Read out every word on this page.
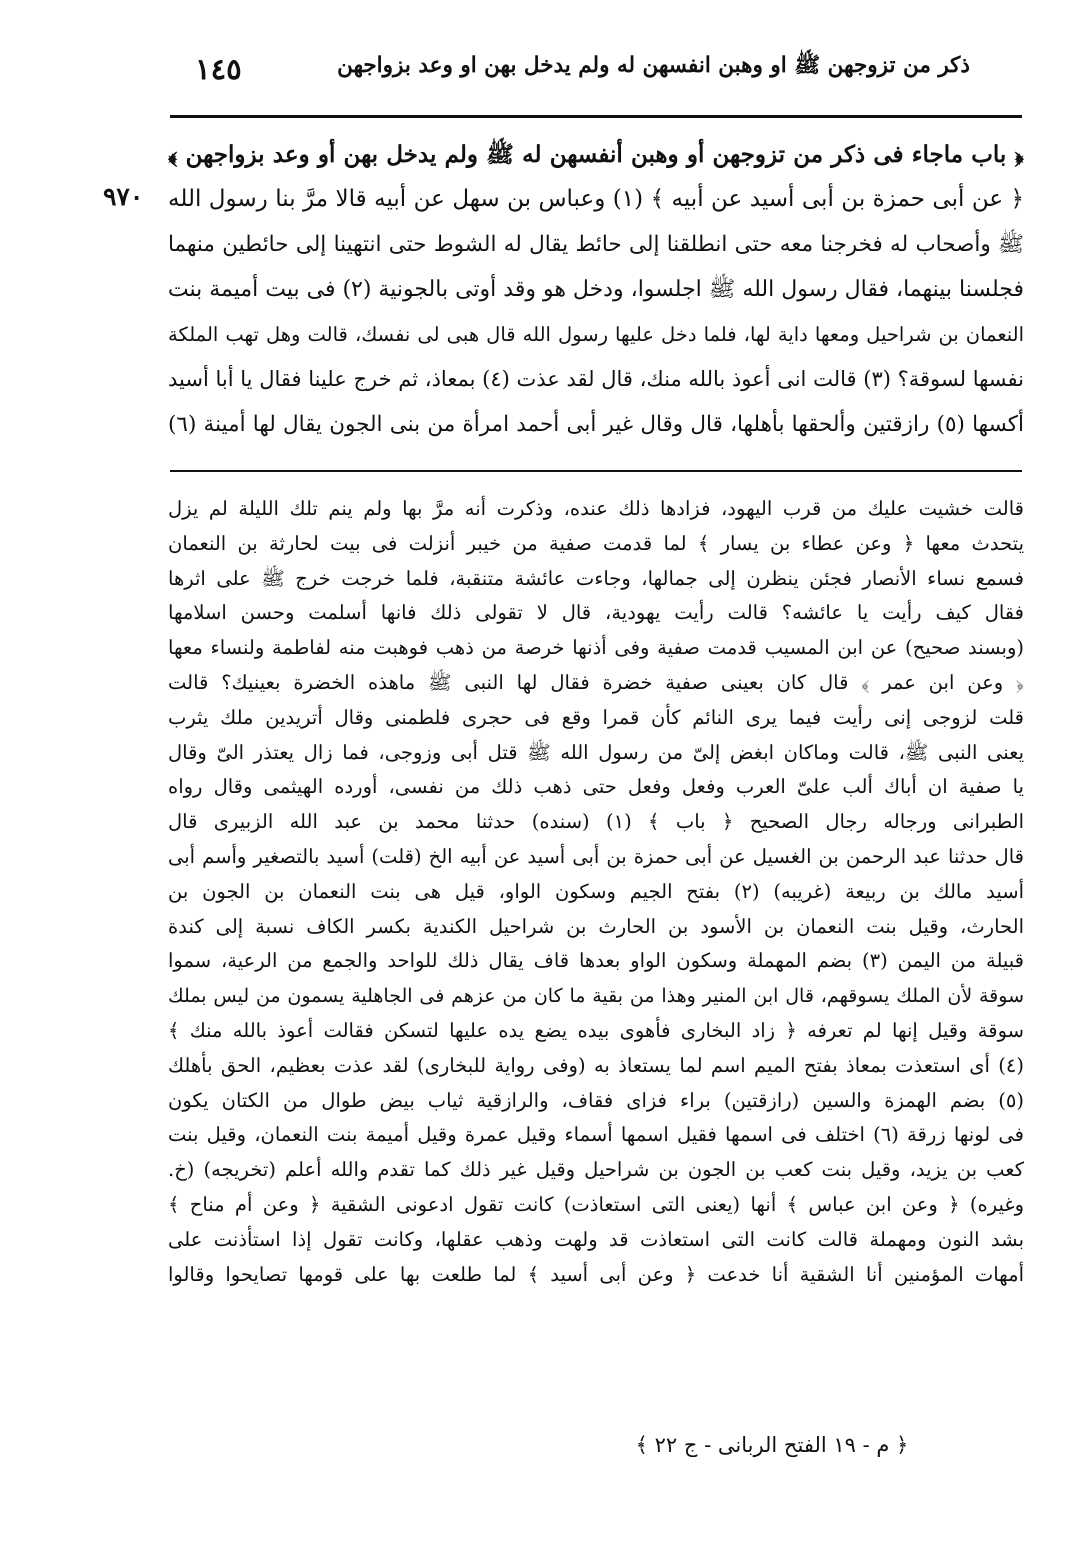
ذكر من تزوجهن ﷺ او وهبن انفسهن له ولم يدخل بهن او وعد بزواجهن
١٤٥
٩٧٠
﴿ باب ماجاء فى ذكر من تزوجهن أو وهبن أنفسهن له ﷺ ولم يدخل بهن أو وعد بزواجهن ﴾
﴿ عن أبى حمزة بن أبى أسيد عن أبيه ﴾ (١) وعباس بن سهل عن أبيه قالا مرَّ بنا رسول الله
ﷺ وأصحاب له فخرجنا معه حتى انطلقنا إلى حائط يقال له الشوط حتى انتهينا إلى حائطين منهما
فجلسنا بينهما، فقال رسول الله ﷺ اجلسوا، ودخل هو وقد أوتى بالجونية (٢) فى بيت أميمة بنت
النعمان بن شراحيل ومعها داية لها، فلما دخل عليها رسول الله قال هبى لى نفسك، قالت وهل تهب الملكة
نفسها لسوقة؟ (٣) قالت انى أعوذ بالله منك، قال لقد عذت (٤) بمعاذ، ثم خرج علينا فقال يا أبا أسيد
أكسها (٥) رازقتين وألحقها بأهلها، قال وقال غير أبى أحمد امرأة من بنى الجون يقال لها أمينة (٦)
قالت خشيت عليك من قرب اليهود، فزادها ذلك عنده، وذكرت أنه مرَّ بها ولم ينم تلك الليلة لم يزل
يتحدث معها ﴿ وعن عطاء بن يسار ﴾ لما قدمت صفية من خيبر أنزلت فى بيت لحارثة بن النعمان
فسمع نساء الأنصار فجئن ينظرن إلى جمالها، وجاءت عائشة متنقبة، فلما خرجت خرج ﷺ على اثرها
فقال كيف رأيت يا عائشه؟ قالت رأيت يهودية، قال لا تقولى ذلك فانها أسلمت وحسن اسلامها
(وبسند صحيح) عن ابن المسيب قدمت صفية وفى أذنها خرصة من ذهب فوهبت منه لفاطمة ولنساء معها
﴿ وعن ابن عمر ﴾ قال كان بعينى صفية خضرة فقال لها النبى ﷺ ماهذه الخضرة بعينيك؟ قالت
قلت لزوجى إنى رأيت فيما يرى النائم كأن قمرا وقع فى حجرى فلطمنى وقال أتريدين ملك يثرب
يعنى النبى ﷺ، قالت وماكان ابغض إلىّ من رسول الله ﷺ قتل أبى وزوجى، فما زال يعتذر الىّ وقال
يا صفية ان أباك ألب علىّ العرب وفعل وفعل حتى ذهب ذلك من نفسى، أورده الهيثمى وقال رواه
الطبرانى ورجاله رجال الصحيح ﴿ باب ﴾ (١) (سنده) حدثنا محمد بن عبد الله الزبيرى قال
قال حدثنا عبد الرحمن بن الغسيل عن أبى حمزة بن أبى أسيد عن أبيه الخ (قلت) أسيد بالتصغير وأسم أبى
أسيد مالك بن ربيعة (غريبه) (٢) بفتح الجيم وسكون الواو، قيل هى بنت النعمان بن الجون بن
الحارث، وقيل بنت النعمان بن الأسود بن الحارث بن شراحيل الكندية بكسر الكاف نسبة إلى كندة
قبيلة من اليمن (٣) بضم المهملة وسكون الواو بعدها قاف يقال ذلك للواحد والجمع من الرعية، سموا
سوقة لأن الملك يسوقهم، قال ابن المنير وهذا من بقية ما كان من عزهم فى الجاهلية يسمون من ليس بملك
سوقة وقيل إنها لم تعرفه ﴿ زاد البخارى فأهوى بيده يضع يده عليها لتسكن فقالت أعوذ بالله منك ﴾
(٤) أى استعذت بمعاذ بفتح الميم اسم لما يستعاذ به (وفى رواية للبخارى) لقد عذت بعظيم، الحق بأهلك
(٥) بضم الهمزة والسين (رازقتين) براء فزاى فقاف، والرازقية ثياب بيض طوال من الكتان يكون
فى لونها زرقة (٦) اختلف فى اسمها فقيل اسمها أسماء وقيل عمرة وقيل أميمة بنت النعمان، وقيل بنت
كعب بن يزيد، وقيل بنت كعب بن الجون بن شراحيل وقيل غير ذلك كما تقدم والله أعلم (تخريجه) (خ.
وغيره) ﴿ وعن ابن عباس ﴾ أنها (يعنى التى استعاذت) كانت تقول ادعونى الشقية ﴿ وعن أم مناح ﴾
بشد النون ومهملة قالت كانت التى استعاذت قد ولهت وذهب عقلها، وكانت تقول إذا استأذنت على
أمهات المؤمنين أنا الشقية أنا خدعت ﴿ وعن أبى أسيد ﴾ لما طلعت بها على قومها تصايحوا وقالوا
﴿ م - ١٩ الفتح الربانى - ج ٢٢ ﴾
